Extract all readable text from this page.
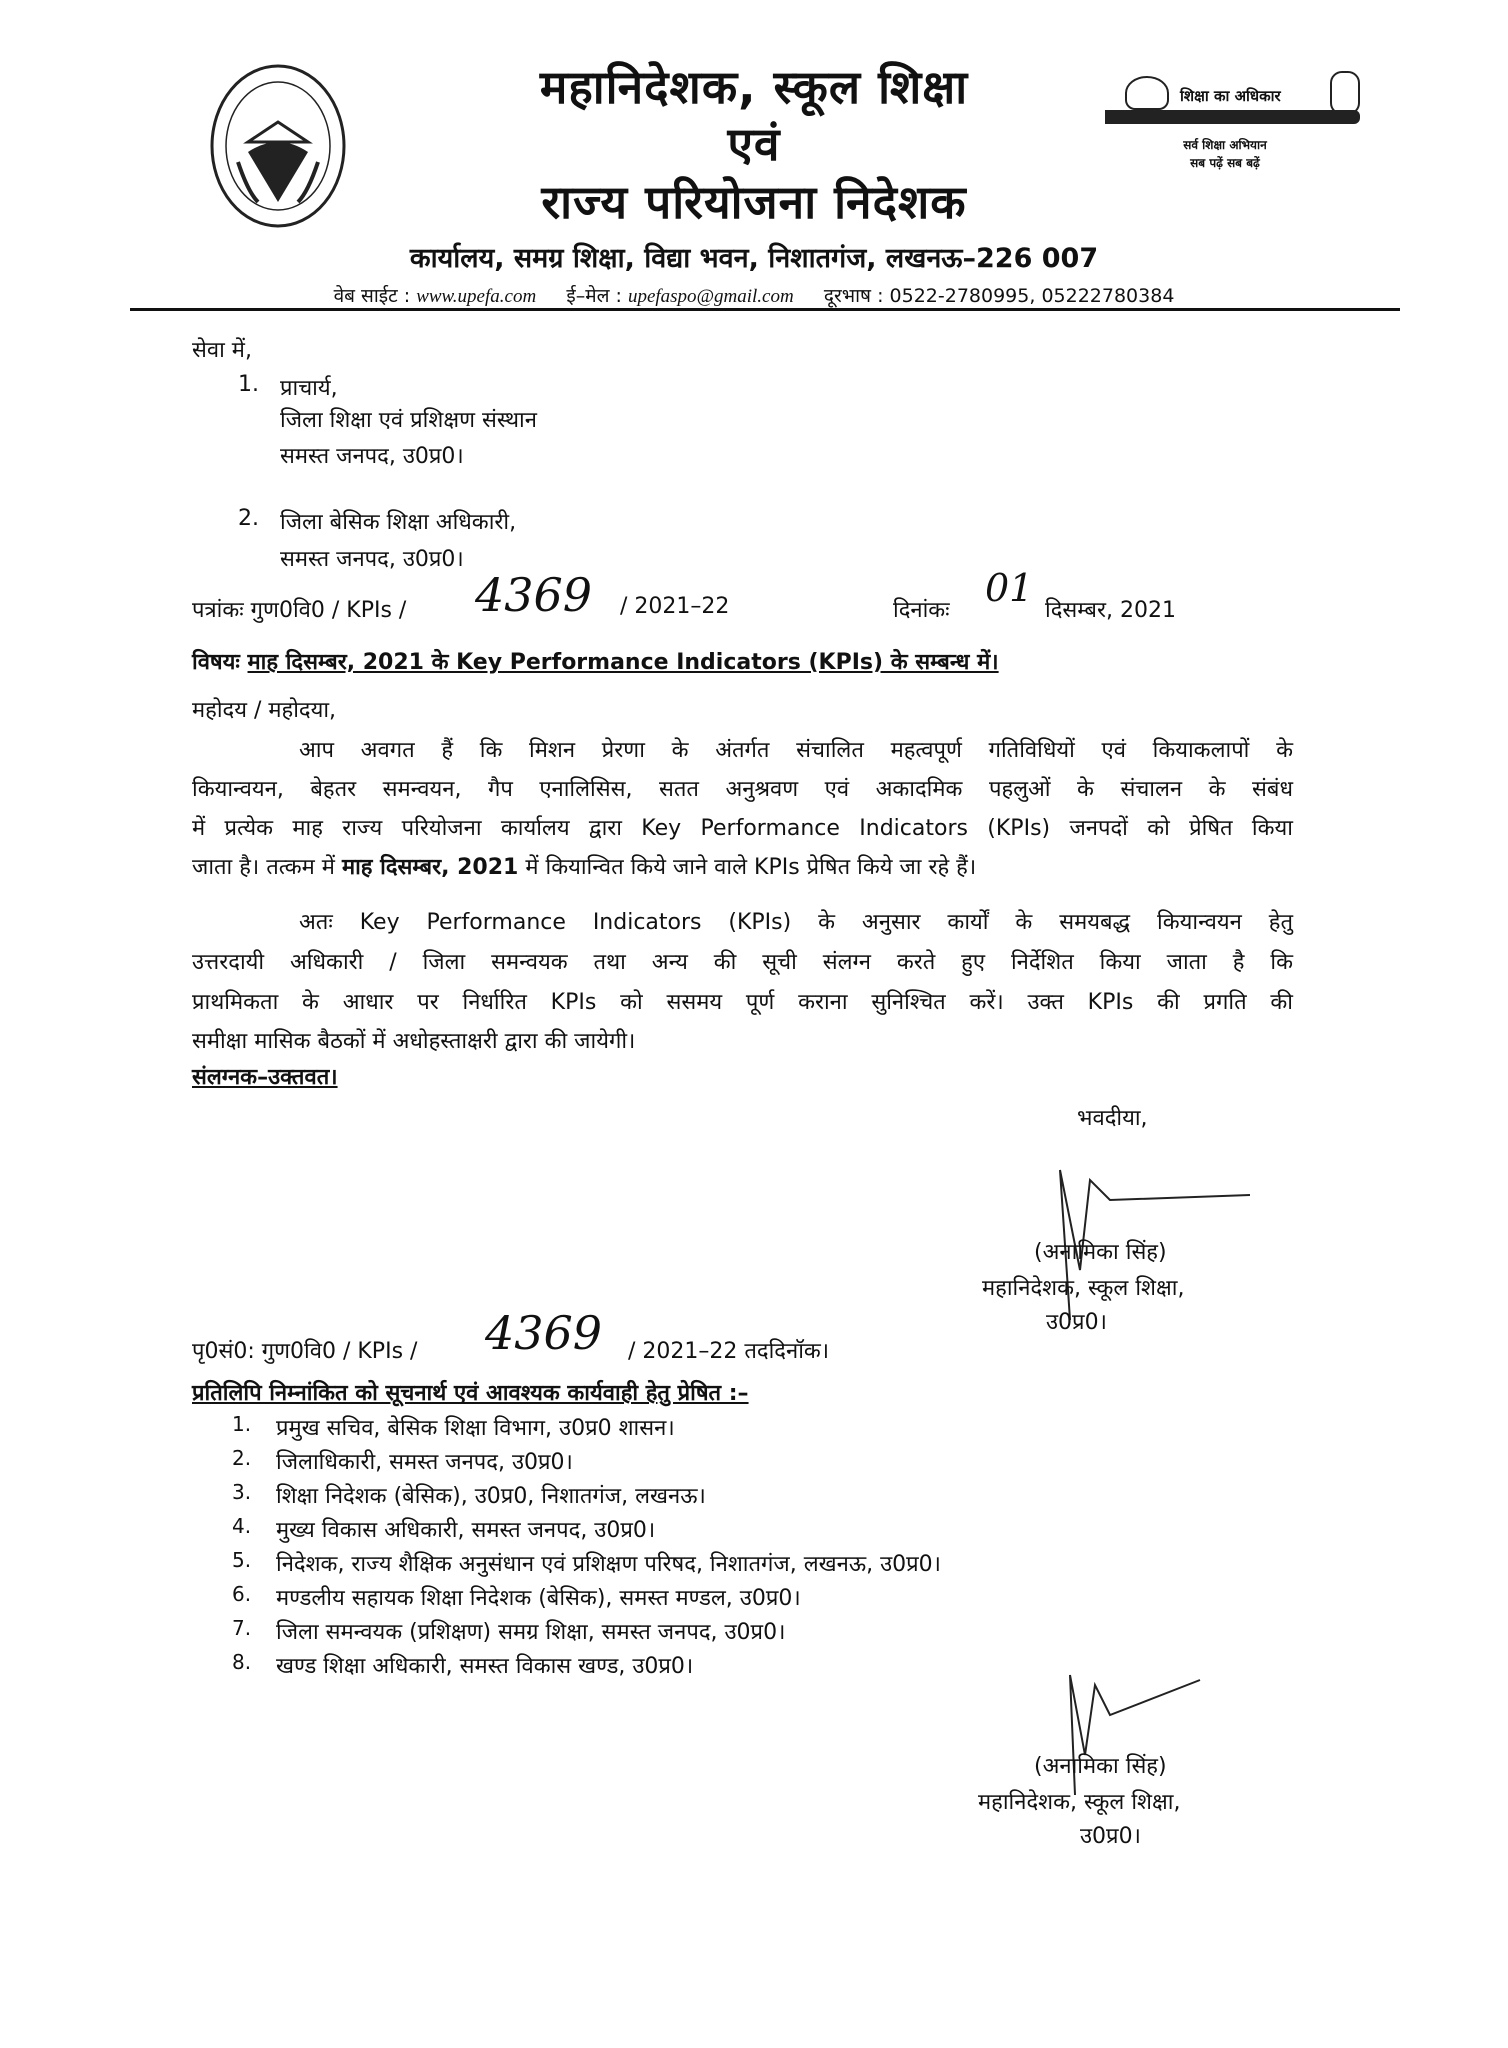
महानिदेशक, स्कूल शिक्षा
एवं
राज्य परियोजना निदेशक
शिक्षा का अधिकार
सर्व शिक्षा अभियान
सब पढ़ें सब बढ़ें
कार्यालय, समग्र शिक्षा, विद्या भवन, निशातगंज, लखनऊ–226 007
वेब साईट : www.upefa.com ई–मेल : upefaspo@gmail.com दूरभाष : 0522-2780995, 05222780384
सेवा में,
1. प्राचार्य,
जिला शिक्षा एवं प्रशिक्षण संस्थान
समस्त जनपद, उ0प्र0।
2. जिला बेसिक शिक्षा अधिकारी,
समस्त जनपद, उ0प्र0।
पत्रांकः गुण0वि0 / KPIs / 4369 / 2021–22	दिनांकः
01
दिसम्बर, 2021
विषयः माह दिसम्बर, 2021 के Key Performance Indicators (KPIs) के सम्बन्ध में।
महोदय / महोदया,
आप अवगत हैं कि मिशन प्रेरणा के अंतर्गत संचालित महत्वपूर्ण गतिविधियों एवं कियाकलापों के
कियान्वयन, बेहतर समन्वयन, गैप एनालिसिस, सतत अनुश्रवण एवं अकादमिक पहलुओं के संचालन के संबंध
में प्रत्येक माह राज्य परियोजना कार्यालय द्वारा Key Performance Indicators (KPIs) जनपदों को प्रेषित किया
जाता है। तत्कम में माह दिसम्बर, 2021 में कियान्वित किये जाने वाले KPIs प्रेषित किये जा रहे हैं।
अतः Key Performance Indicators (KPIs) के अनुसार कार्यों के समयबद्ध कियान्वयन हेतु
उत्तरदायी अधिकारी / जिला समन्वयक तथा अन्य की सूची संलग्न करते हुए निर्देशित किया जाता है कि
प्राथमिकता के आधार पर निर्धारित KPIs को ससमय पूर्ण कराना सुनिश्चित करें। उक्त KPIs की प्रगति की
समीक्षा मासिक बैठकों में अधोहस्ताक्षरी द्वारा की जायेगी।
संलग्नक–उक्तवत।
भवदीया,
(अनामिका सिंह)
महानिदेशक, स्कूल शिक्षा,
उ0प्र0।
पृ0सं0: गुण0वि0 / KPIs / 4369 / 2021–22 तददिनॉक।
प्रतिलिपि निम्नांकित को सूचनार्थ एवं आवश्यक कार्यवाही हेतु प्रेषित :–
1. प्रमुख सचिव, बेसिक शिक्षा विभाग, उ0प्र0 शासन।
2. जिलाधिकारी, समस्त जनपद, उ0प्र0।
3. शिक्षा निदेशक (बेसिक), उ0प्र0, निशातगंज, लखनऊ।
4. मुख्य विकास अधिकारी, समस्त जनपद, उ0प्र0।
5. निदेशक, राज्य शैक्षिक अनुसंधान एवं प्रशिक्षण परिषद, निशातगंज, लखनऊ, उ0प्र0।
6. मण्डलीय सहायक शिक्षा निदेशक (बेसिक), समस्त मण्डल, उ0प्र0।
7. जिला समन्वयक (प्रशिक्षण) समग्र शिक्षा, समस्त जनपद, उ0प्र0।
8. खण्ड शिक्षा अधिकारी, समस्त विकास खण्ड, उ0प्र0।
(अनामिका सिंह)
महानिदेशक, स्कूल शिक्षा,
उ0प्र0।
